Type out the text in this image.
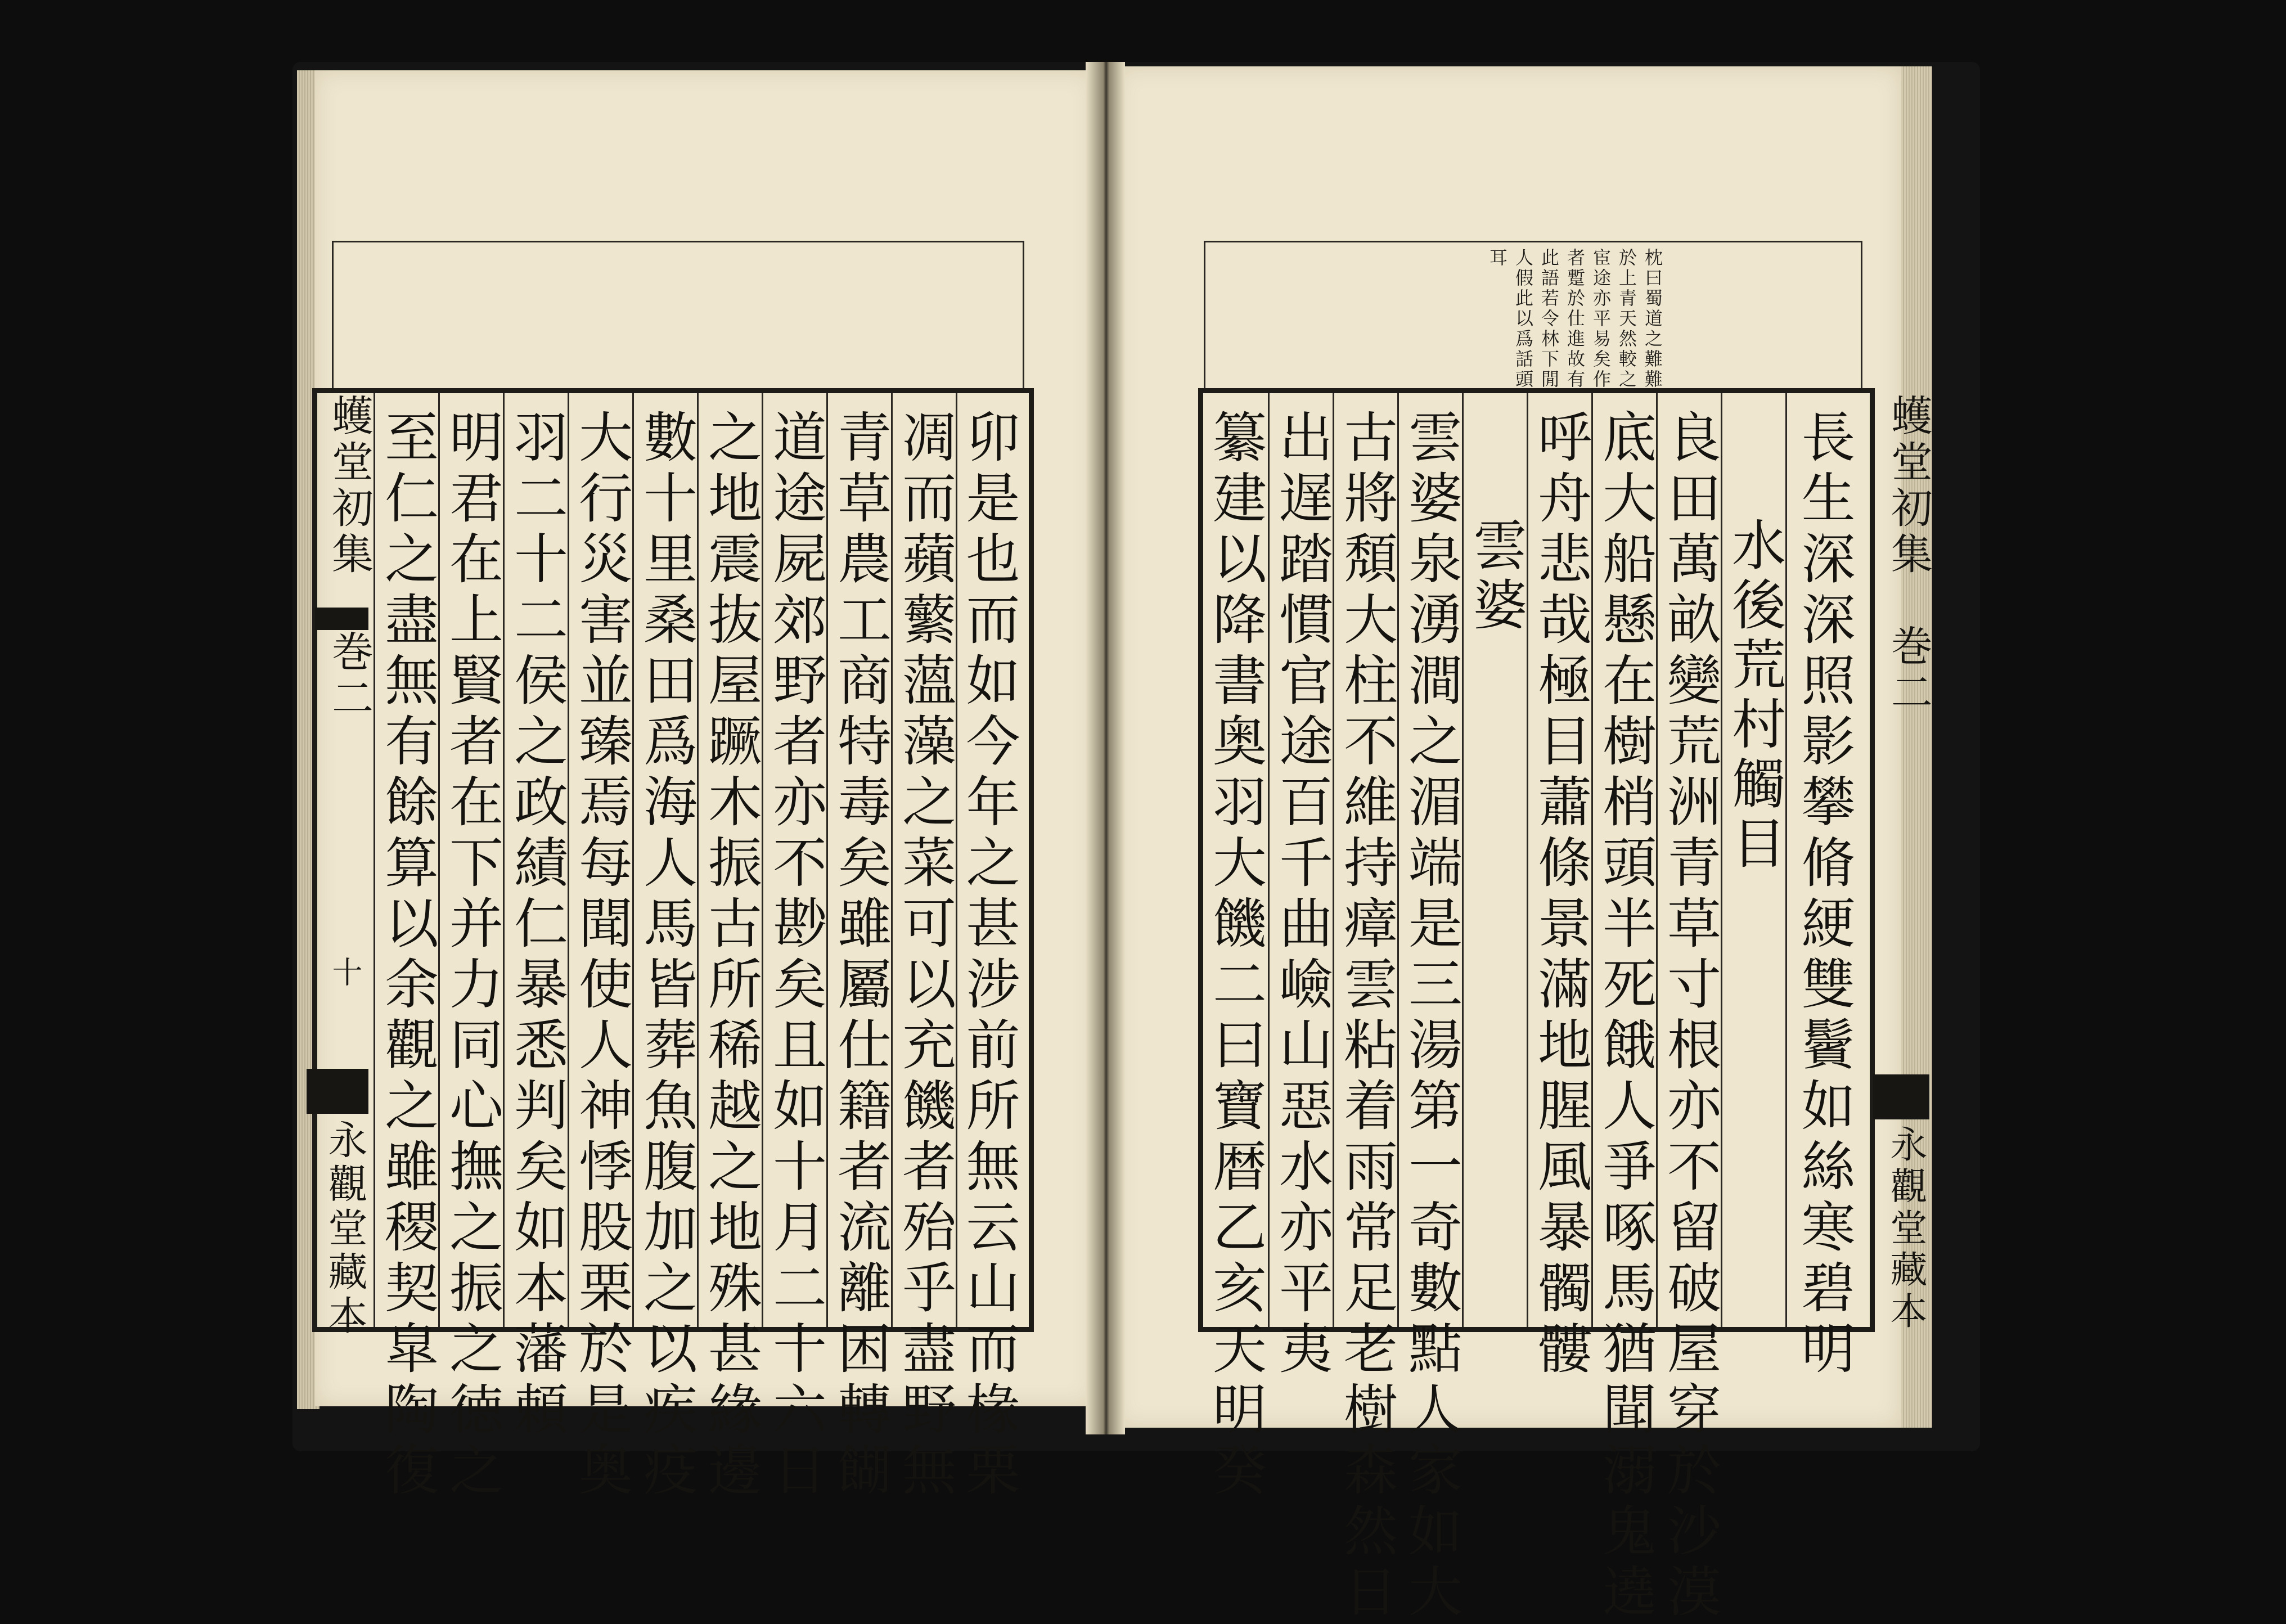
至仁之盡無有餘算以余觀之雖稷契皐陶復 明君在上賢者在下并力同心撫之振之徳之 羽二十二侯之政績仁暴悉判矣如本藩頼 大行災害並臻焉每聞使人神悸股栗於是奥 數十里桑田爲海人馬皆葬魚腹加之以疾疫 之地震抜屋蹶木振古所稀越之地殊甚緣邊 道途屍郊野者亦不尠矣且如十月二十六日 青草農工商特毒矣雖屬仕籍者流離困轉餬 凋而蘋蘩薀藻之菜可以充饑者殆乎盡野無 卯是也而如今年之甚涉前所無云山而椽栗
蠖堂初集
巻二
十
永觀堂藏本
枕曰蜀道之難難
於上青天然較之
宦途亦平易矣作
者蹔於仕進故有
此語若令林下閒
人假此以爲話頭
耳
纂建以降書奥羽大饑二曰寶暦乙亥天明癸 出遅踏慣官途百千曲嶮山惡水亦平夷 古將頽大柱不維持瘴雲粘着雨常足老樹森然日 雲婆泉湧澗之湄端是三湯第一奇數點人家如大 雲婆 呼舟悲哉極目蕭條景滿地腥風暴髑髏 底大船懸在樹梢頭半死餓人爭啄馬猶聞溺鬼遶 良田萬畝變荒洲青草寸根亦不留破屋穿於沙漠 水後荒村觸目 長生深深照影攀脩綆雙鬢如絲寒碧明 蠖堂初集
巻二
永觀堂藏本
